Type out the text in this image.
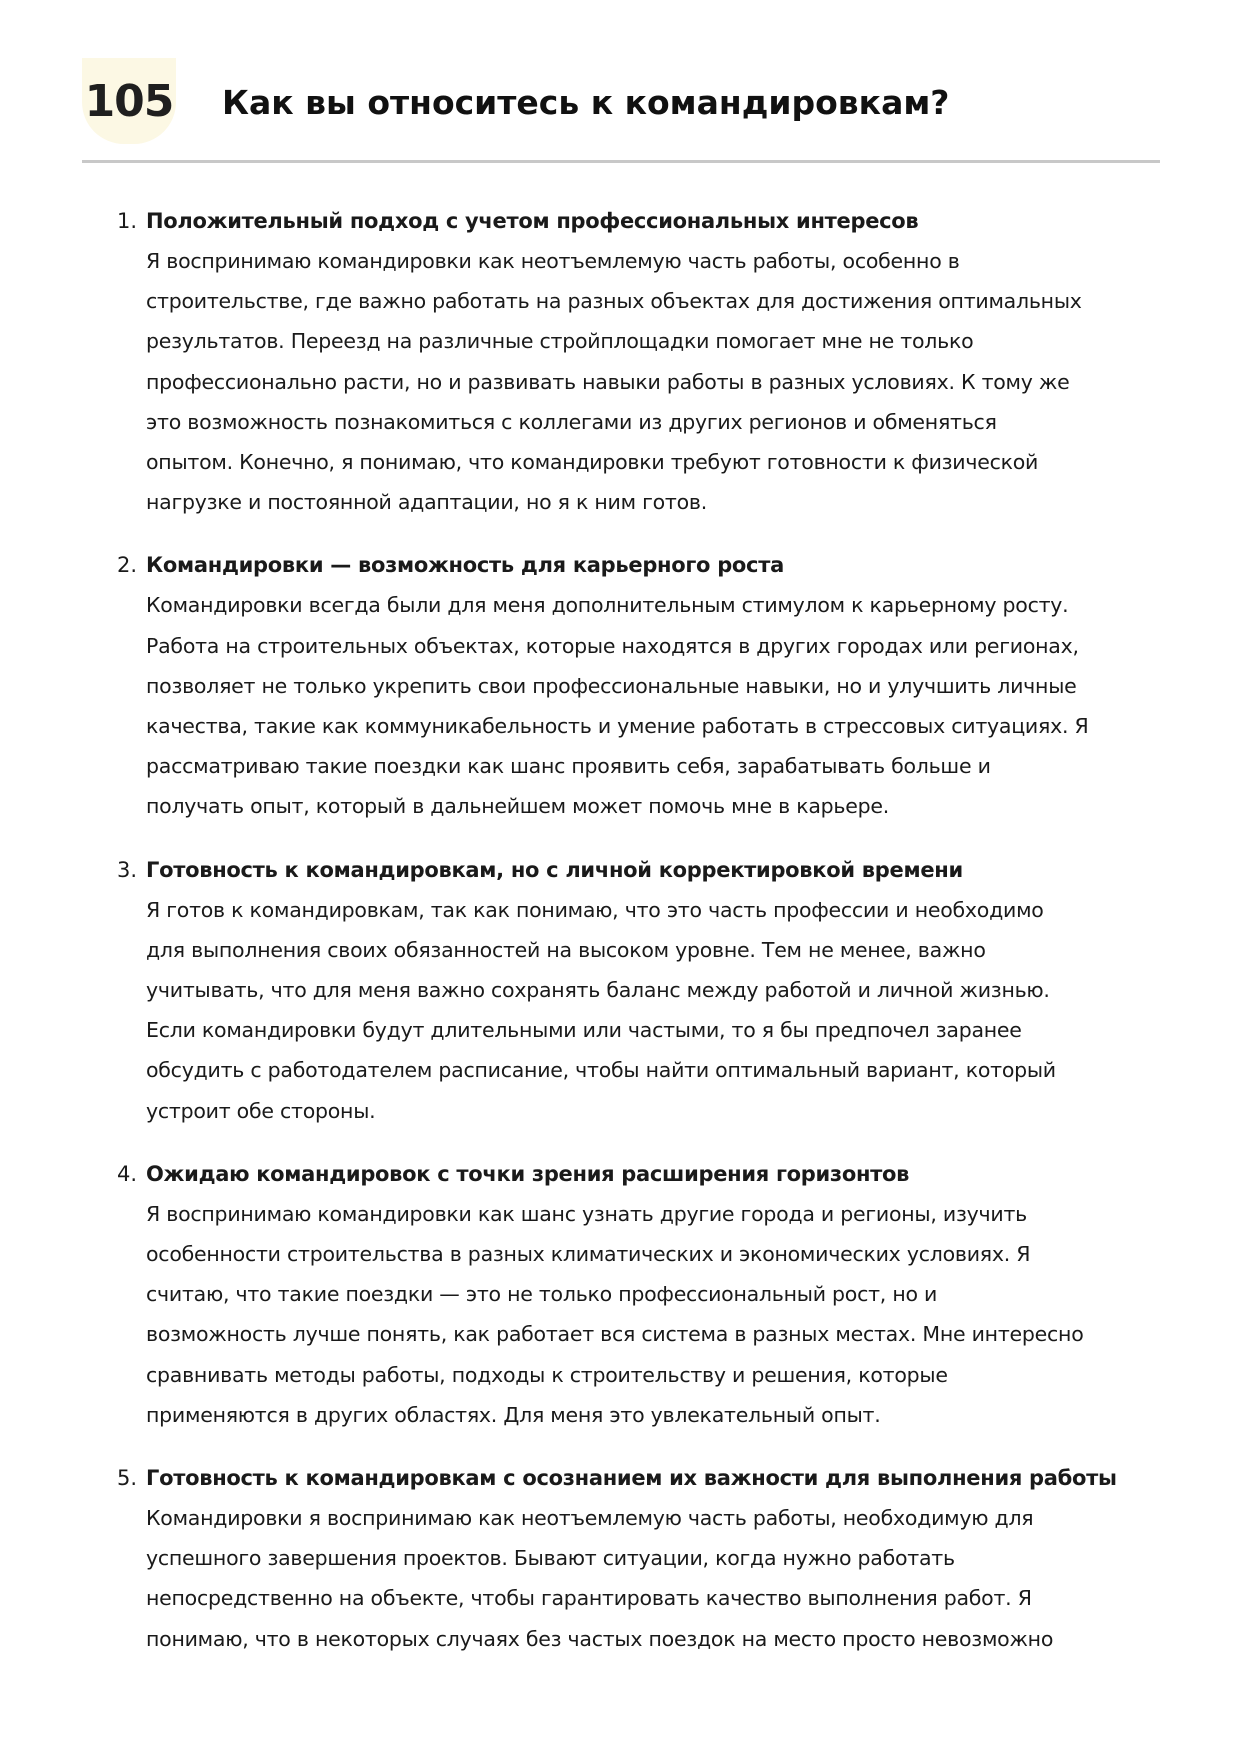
105 Как вы относитесь к командировкам?
1. Положительный подход с учетом профессиональных интересов
Я воспринимаю командировки как неотъемлемую часть работы, особенно в
строительстве, где важно работать на разных объектах для достижения оптимальных
результатов. Переезд на различные стройплощадки помогает мне не только
профессионально расти, но и развивать навыки работы в разных условиях. К тому же
это возможность познакомиться с коллегами из других регионов и обменяться
опытом. Конечно, я понимаю, что командировки требуют готовности к физической
нагрузке и постоянной адаптации, но я к ним готов.
2. Командировки — возможность для карьерного роста
Командировки всегда были для меня дополнительным стимулом к карьерному росту.
Работа на строительных объектах, которые находятся в других городах или регионах,
позволяет не только укрепить свои профессиональные навыки, но и улучшить личные
качества, такие как коммуникабельность и умение работать в стрессовых ситуациях. Я
рассматриваю такие поездки как шанс проявить себя, зарабатывать больше и
получать опыт, который в дальнейшем может помочь мне в карьере.
3. Готовность к командировкам, но с личной корректировкой времени
Я готов к командировкам, так как понимаю, что это часть профессии и необходимо
для выполнения своих обязанностей на высоком уровне. Тем не менее, важно
учитывать, что для меня важно сохранять баланс между работой и личной жизнью.
Если командировки будут длительными или частыми, то я бы предпочел заранее
обсудить с работодателем расписание, чтобы найти оптимальный вариант, который
устроит обе стороны.
4. Ожидаю командировок с точки зрения расширения горизонтов
Я воспринимаю командировки как шанс узнать другие города и регионы, изучить
особенности строительства в разных климатических и экономических условиях. Я
считаю, что такие поездки — это не только профессиональный рост, но и
возможность лучше понять, как работает вся система в разных местах. Мне интересно
сравнивать методы работы, подходы к строительству и решения, которые
применяются в других областях. Для меня это увлекательный опыт.
5. Готовность к командировкам с осознанием их важности для выполнения работы
Командировки я воспринимаю как неотъемлемую часть работы, необходимую для
успешного завершения проектов. Бывают ситуации, когда нужно работать
непосредственно на объекте, чтобы гарантировать качество выполнения работ. Я
понимаю, что в некоторых случаях без частых поездок на место просто невозможно
